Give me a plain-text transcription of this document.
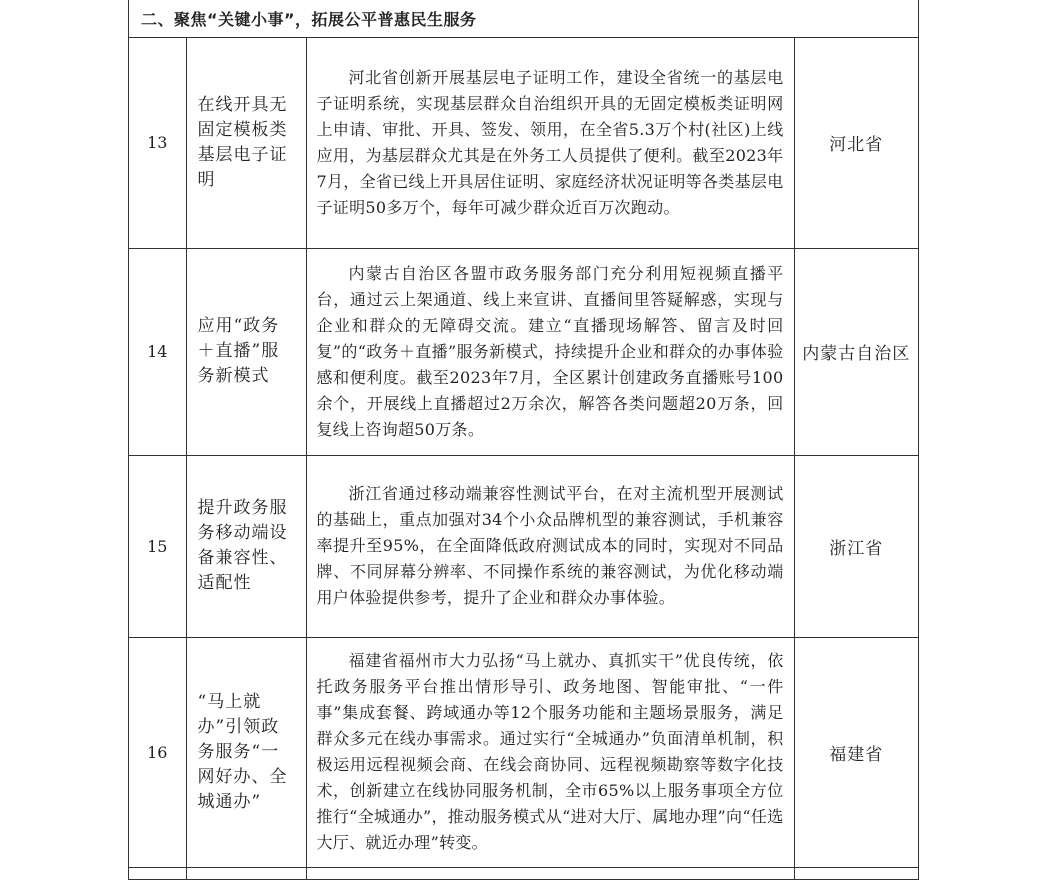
二、聚焦“关键小事”，拓展公平普惠民生服务
13	在线开具无固定模板类基层电子证明	河北省创新开展基层电子证明工作，建设全省统一的基层电子证明系统，实现基层群众自治组织开具的无固定模板类证明网上申请、审批、开具、签发、领用，在全省5.3万个村(社区)上线应用，为基层群众尤其是在外务工人员提供了便利。截至2023年7月，全省已线上开具居住证明、家庭经济状况证明等各类基层电子证明50多万个，每年可减少群众近百万次跑动。	河北省
14	应用“政务＋直播”服务新模式	内蒙古自治区各盟市政务服务部门充分利用短视频直播平台，通过云上架通道、线上来宣讲、直播间里答疑解惑，实现与企业和群众的无障碍交流。建立“直播现场解答、留言及时回复”的“政务＋直播”服务新模式，持续提升企业和群众的办事体验感和便利度。截至2023年7月，全区累计创建政务直播账号100余个，开展线上直播超过2万余次，解答各类问题超20万条，回复线上咨询超50万条。	内蒙古自治区
15	提升政务服务移动端设备兼容性、适配性	浙江省通过移动端兼容性测试平台，在对主流机型开展测试的基础上，重点加强对34个小众品牌机型的兼容测试，手机兼容率提升至95%，在全面降低政府测试成本的同时，实现对不同品牌、不同屏幕分辨率、不同操作系统的兼容测试，为优化移动端用户体验提供参考，提升了企业和群众办事体验。	浙江省
16	“马上就办”引领政务服务“一网好办、全城通办”	福建省福州市大力弘扬“马上就办、真抓实干”优良传统，依托政务服务平台推出情形导引、政务地图、智能审批、“一件事”集成套餐、跨域通办等12个服务功能和主题场景服务，满足群众多元在线办事需求。通过实行“全城通办”负面清单机制，积极运用远程视频会商、在线会商协同、远程视频勘察等数字化技术，创新建立在线协同服务机制，全市65%以上服务事项全方位推行“全城通办”，推动服务模式从“进对大厅、属地办理”向“任选大厅、就近办理”转变。	福建省
